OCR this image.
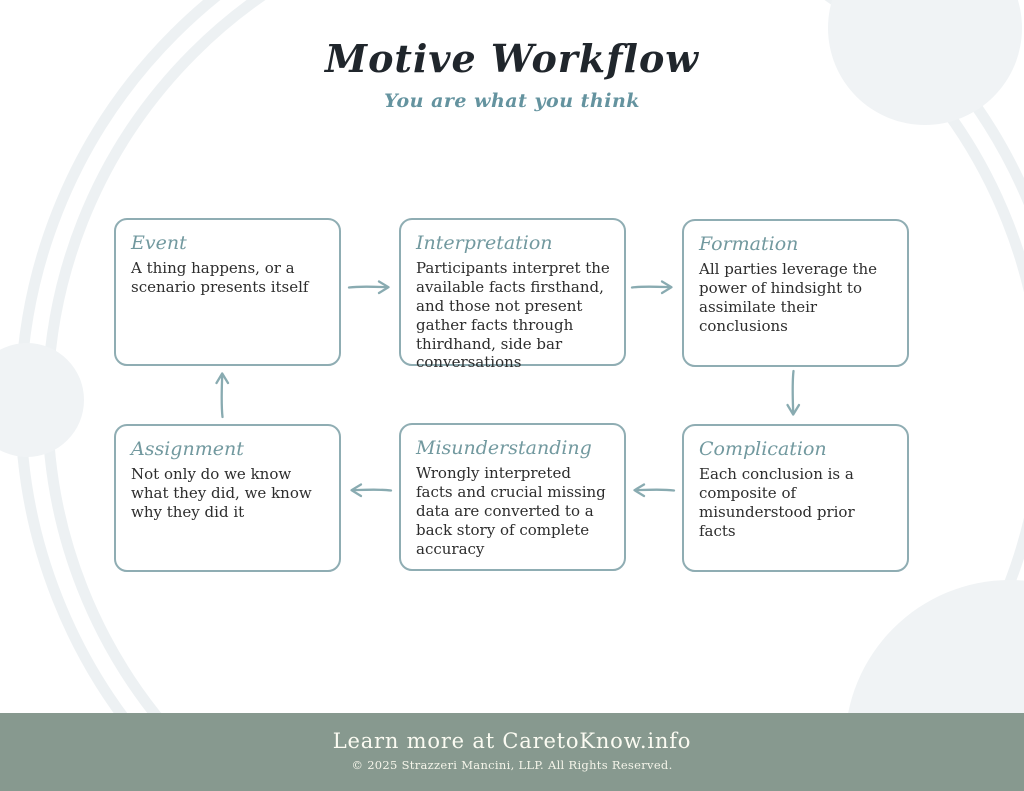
Motive Workflow
You are what you think
Event
A thing happens, or a scenario presents itself
Interpretation
Participants interpret the available facts firsthand, and those not present gather facts through thirdhand, side bar conversations
Formation
All parties leverage the power of hindsight to assimilate their conclusions
Assignment
Not only do we know what they did, we know why they did it
Misunderstanding
Wrongly interpreted facts and crucial missing data are converted to a back story of complete accuracy
Complication
Each conclusion is a composite of misunderstood prior facts
Learn more at CaretoKnow.info
© 2025 Strazzeri Mancini, LLP. All Rights Reserved.
